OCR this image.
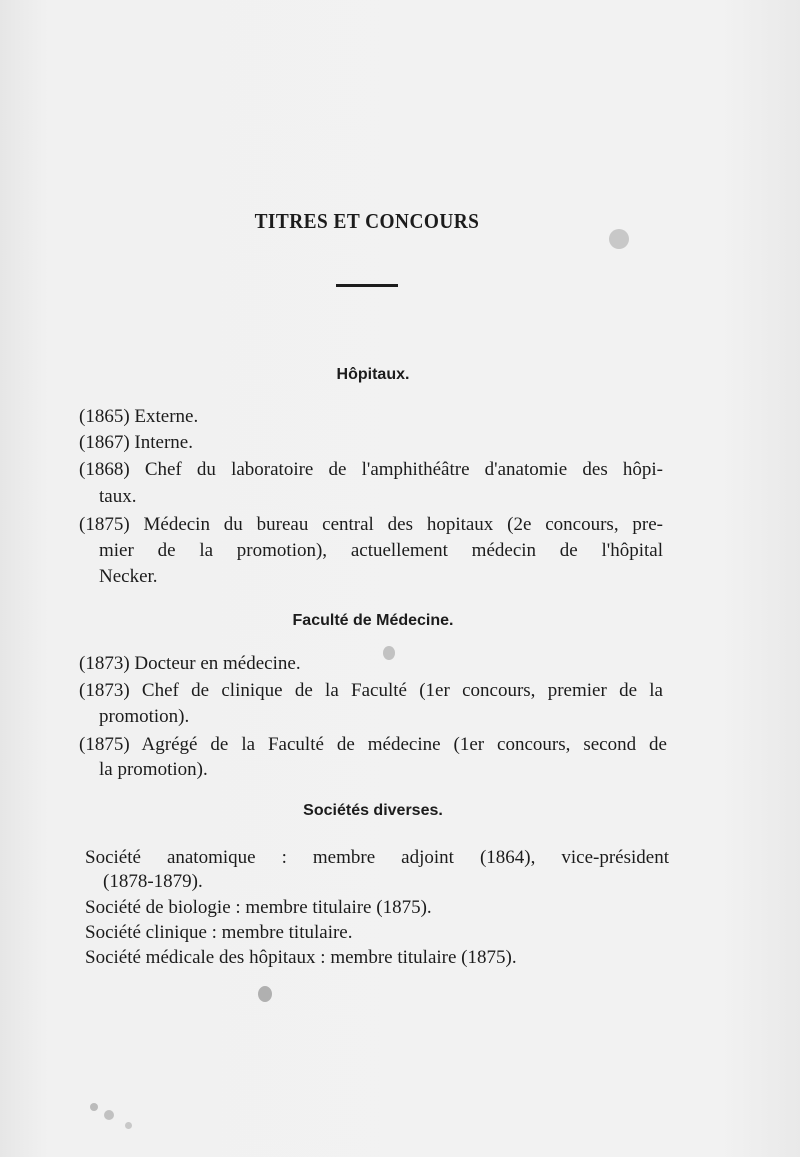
TITRES ET CONCOURS
Hôpitaux.
(1865) Externe.
(1867) Interne.
(1868) Chef du laboratoire de l'amphithéâtre d'anatomie des hôpi-
taux.
(1875) Médecin du bureau central des hopitaux (2e concours, pre-
mier de la promotion), actuellement médecin de l'hôpital
Necker.
Faculté de Médecine.
(1873) Docteur en médecine.
(1873) Chef de clinique de la Faculté (1er concours, premier de la
promotion).
(1875) Agrégé de la Faculté de médecine (1er concours, second de
la promotion).
Sociétés diverses.
Société anatomique : membre adjoint (1864), vice-président
(1878-1879).
Société de biologie : membre titulaire (1875).
Société clinique : membre titulaire.
Société médicale des hôpitaux : membre titulaire (1875).
